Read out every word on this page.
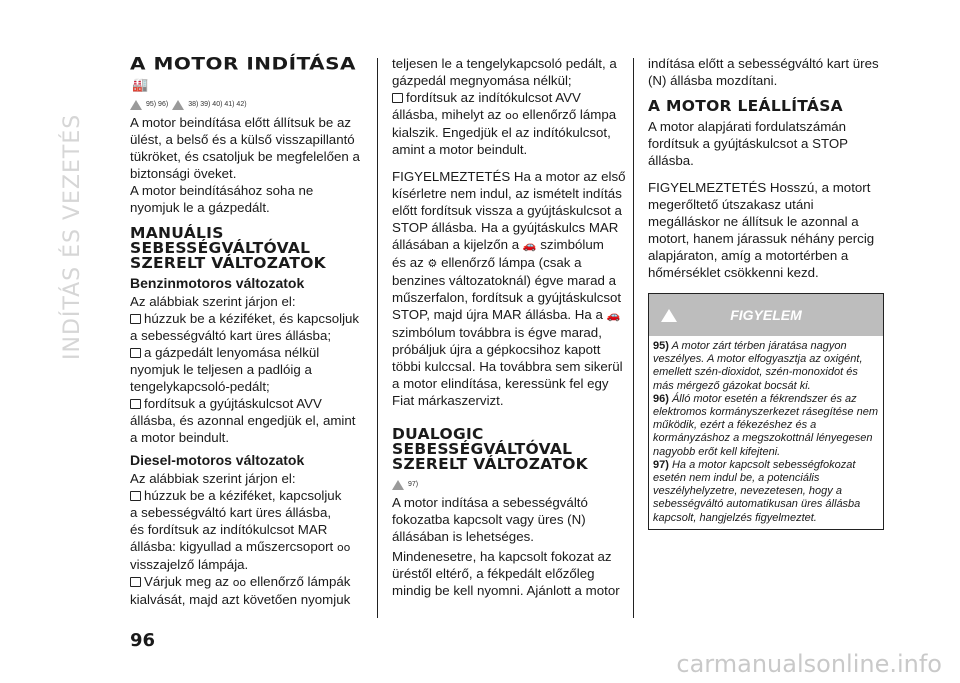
INDÍTÁS ÉS VEZETÉS
A MOTOR INDÍTÁSA
🏭
95) 96)	38) 39) 40) 41) 42)

A motor beindítása előtt állítsuk be az ülést, a belső és a külső visszapillantó tükröket, és csatoljuk be megfelelően a biztonsági öveket.

A motor beindításához soha ne nyomjuk le a gázpedált.

MANUÁLIS SEBESSÉGVÁLTÓVAL SZERELT VÁLTOZATOK
Benzinmotoros változatok

Az alábbiak szerint járjon el:

húzzuk be a kéziféket, és kapcsoljuk a sebességváltó kart üres állásba;

a gázpedált lenyomása nélkül nyomjuk le teljesen a padlóig a tengelykapcsoló-pedált;

fordítsuk a gyújtáskulcsot AVV állásba, és azonnal engedjük el, amint a motor beindult.

Diesel-motoros változatok

Az alábbiak szerint járjon el:

húzzuk be a kéziféket, kapcsoljuk

a sebességváltó kart üres állásba,

és fordítsuk az indítókulcsot MAR

állásba: kigyullad a műszercsoport ᴏᴏ

visszajelző lámpája.

Várjuk meg az ᴏᴏ ellenőrző lámpák kialvását, majd azt követően nyomjuk

teljesen le a tengelykapcsoló pedált, a gázpedál megnyomása nélkül;

fordítsuk az indítókulcsot AVV

állásba, mihelyt az ᴏᴏ ellenőrző lámpa kialszik. Engedjük el az indítókulcsot, amint a motor beindult.

FIGYELMEZTETÉS Ha a motor az első kísérletre nem indul, az ismételt indítás előtt fordítsuk vissza a gyújtáskulcsot a STOP állásba. Ha a gyújtáskulcs MAR

állásában a kijelzőn a 🚗 szimbólum

és az ⚙ ellenőrző lámpa (csak a benzines változatoknál) égve marad a műszerfalon, fordítsuk a gyújtáskulcsot

STOP, majd újra MAR állásba. Ha a 🚗

szimbólum továbbra is égve marad, próbáljuk újra a gépkocsihoz kapott többi kulccsal. Ha továbbra sem sikerül a motor elindítása, keressünk fel egy Fiat márkaszervizt.

DUALOGIC SEBESSÉGVÁLTÓVAL SZERELT VÁLTOZATOK
97)

A motor indítása a sebességváltó fokozatba kapcsolt vagy üres (N) állásában is lehetséges.

Mindenesetre, ha kapcsolt fokozat az üréstől eltérő, a fékpedált előzőleg mindig be kell nyomni. Ajánlott a motor

indítása előtt a sebességváltó kart üres (N) állásba mozdítani.

A MOTOR LEÁLLÍTÁSA

A motor alapjárati fordulatszámán fordítsuk a gyújtáskulcsot a STOP állásba.

FIGYELMEZTETÉS Hosszú, a motort megerőltető útszakasz utáni megálláskor ne állítsuk le azonnal a motort, hanem járassuk néhány percig alapjáraton, amíg a motortérben a hőmérséklet csökkenni kezd.

FIGYELEM

95) A motor zárt térben járatása nagyon veszélyes. A motor elfogyasztja az oxigént, emellett szén-dioxidot, szén-monoxidot és más mérgező gázokat bocsát ki.

96) Álló motor esetén a fékrendszer és az elektromos kormányszerkezet rásegítése nem működik, ezért a fékezéshez és a kormányzáshoz a megszokottnál lényegesen nagyobb erőt kell kifejteni.

97) Ha a motor kapcsolt sebességfokozat esetén nem indul be, a potenciális veszélyhelyzetre, nevezetesen, hogy a sebességváltó automatikusan üres állásba kapcsolt, hangjelzés figyelmeztet.

96
carmanualsonline.info
